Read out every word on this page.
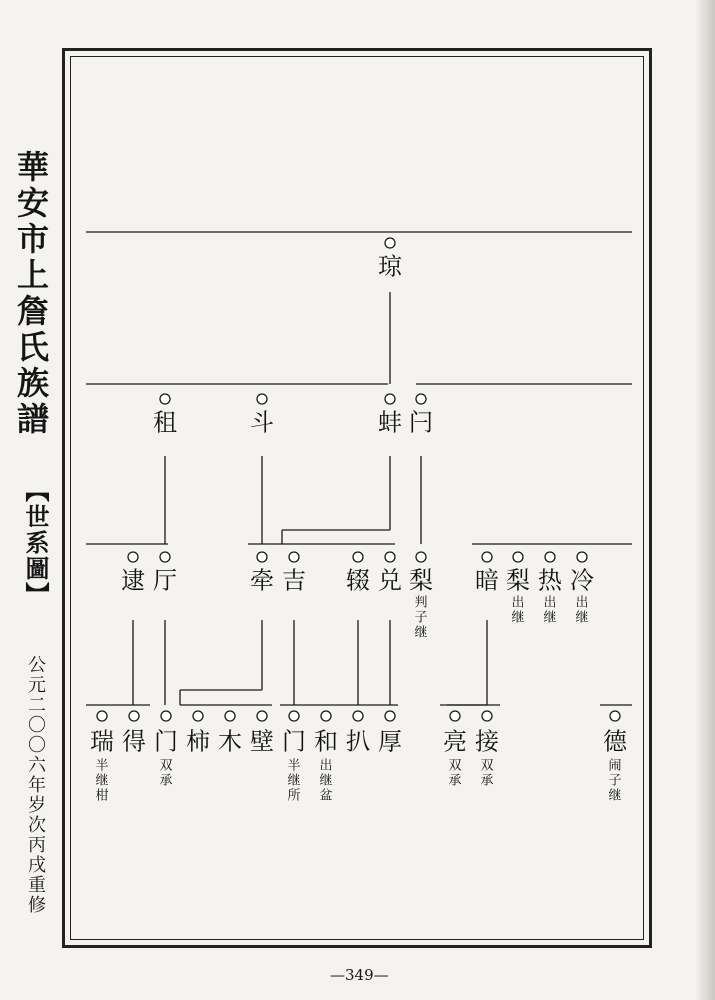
華安市上詹氏族譜
【世系圖】
公元二〇〇六年岁次丙戌重修
—349—
琼
租	斗	蚌 闩
逮 厅	牵 吉 辍 兑 梨
判
子
继
暗 梨
出
继
热
出
继
冷
出
继
瑞
半
继
柑
得 门
双
承
柿 木 壁 门
半
继
所
和
出
继
盆
扒 厚 亮
双
承
接
双
承
德
闹
子
继
